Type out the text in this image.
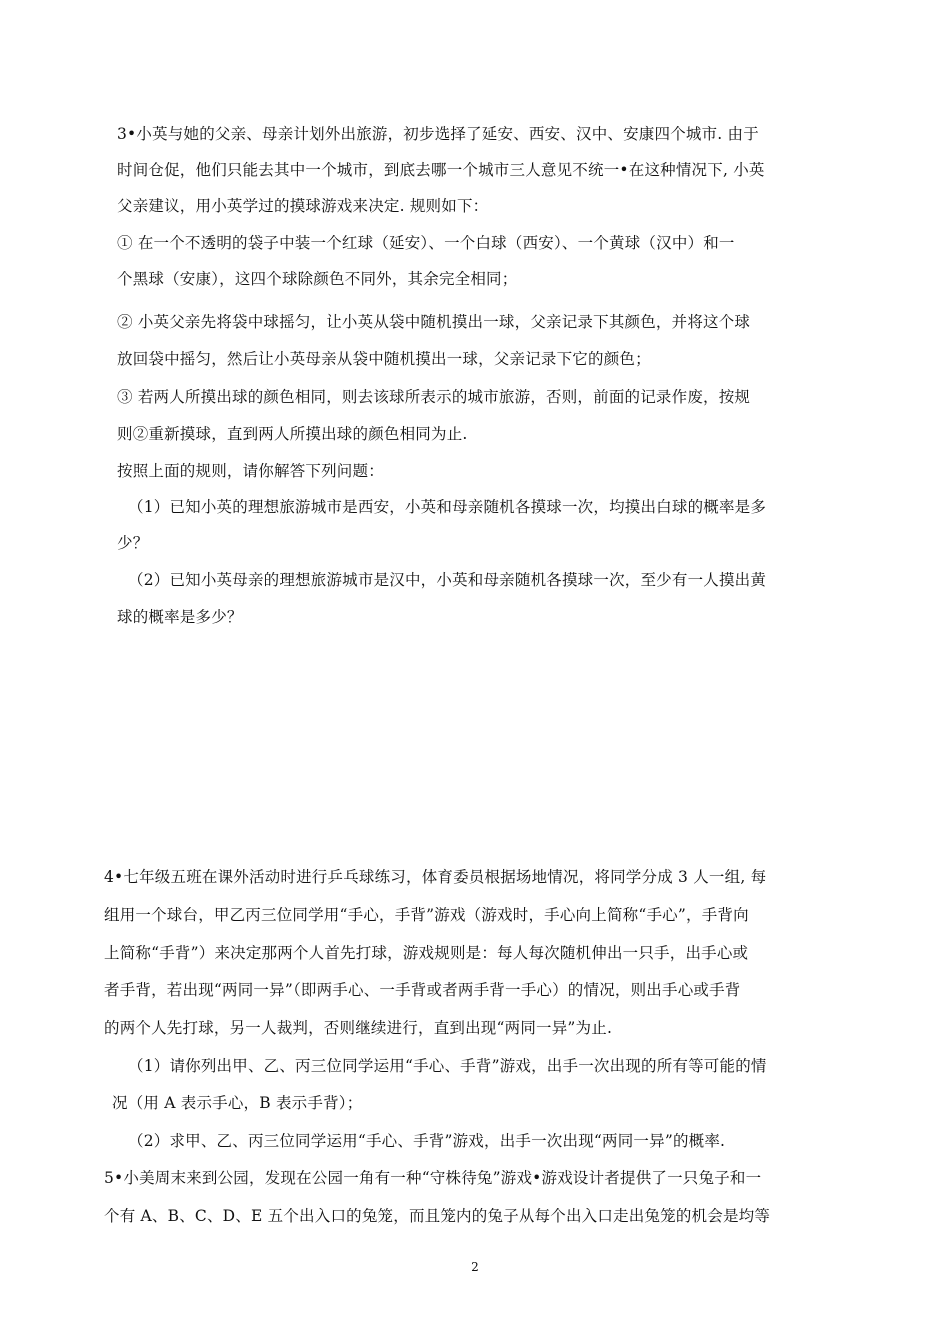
3•小英与她的父亲、母亲计划外出旅游，初步选择了延安、西安、汉中、安康四个城市. 由于
时间仓促，他们只能去其中一个城市，到底去哪一个城市三人意见不统一•在这种情况下, 小英
父亲建议，用小英学过的摸球游戏来决定. 规则如下：
① 在一个不透明的袋子中装一个红球（延安）、一个白球（西安）、一个黄球（汉中）和一
个黑球（安康），这四个球除颜色不同外，其余完全相同；
② 小英父亲先将袋中球摇匀，让小英从袋中随机摸出一球，父亲记录下其颜色，并将这个球
放回袋中摇匀，然后让小英母亲从袋中随机摸出一球，父亲记录下它的颜色；
③ 若两人所摸出球的颜色相同，则去该球所表示的城市旅游，否则，前面的记录作废，按规
则②重新摸球，直到两人所摸出球的颜色相同为止.
按照上面的规则，请你解答下列问题：
（1）已知小英的理想旅游城市是西安，小英和母亲随机各摸球一次，均摸出白球的概率是多
少？
（2）已知小英母亲的理想旅游城市是汉中，小英和母亲随机各摸球一次，至少有一人摸出黄
球的概率是多少？
4•七年级五班在课外活动时进行乒乓球练习，体育委员根据场地情况，将同学分成 3 人一组, 每
组用一个球台，甲乙丙三位同学用“手心，手背”游戏（游戏时，手心向上简称“手心”，手背向
上简称“手背”）来决定那两个人首先打球，游戏规则是：每人每次随机伸出一只手，出手心或
者手背，若出现“两同一异”（即两手心、一手背或者两手背一手心）的情况，则出手心或手背
的两个人先打球，另一人裁判，否则继续进行，直到出现“两同一异”为止.
（1）请你列出甲、乙、丙三位同学运用“手心、手背”游戏，出手一次出现的所有等可能的情
况（用 A 表示手心，B 表示手背）；
（2）求甲、乙、丙三位同学运用“手心、手背”游戏，出手一次出现“两同一异”的概率.
5•小美周末来到公园，发现在公园一角有一种“守株待兔”游戏•游戏设计者提供了一只兔子和一
个有 A、B、C、D、E 五个出入口的兔笼，而且笼内的兔子从每个出入口走出兔笼的机会是均等
2
